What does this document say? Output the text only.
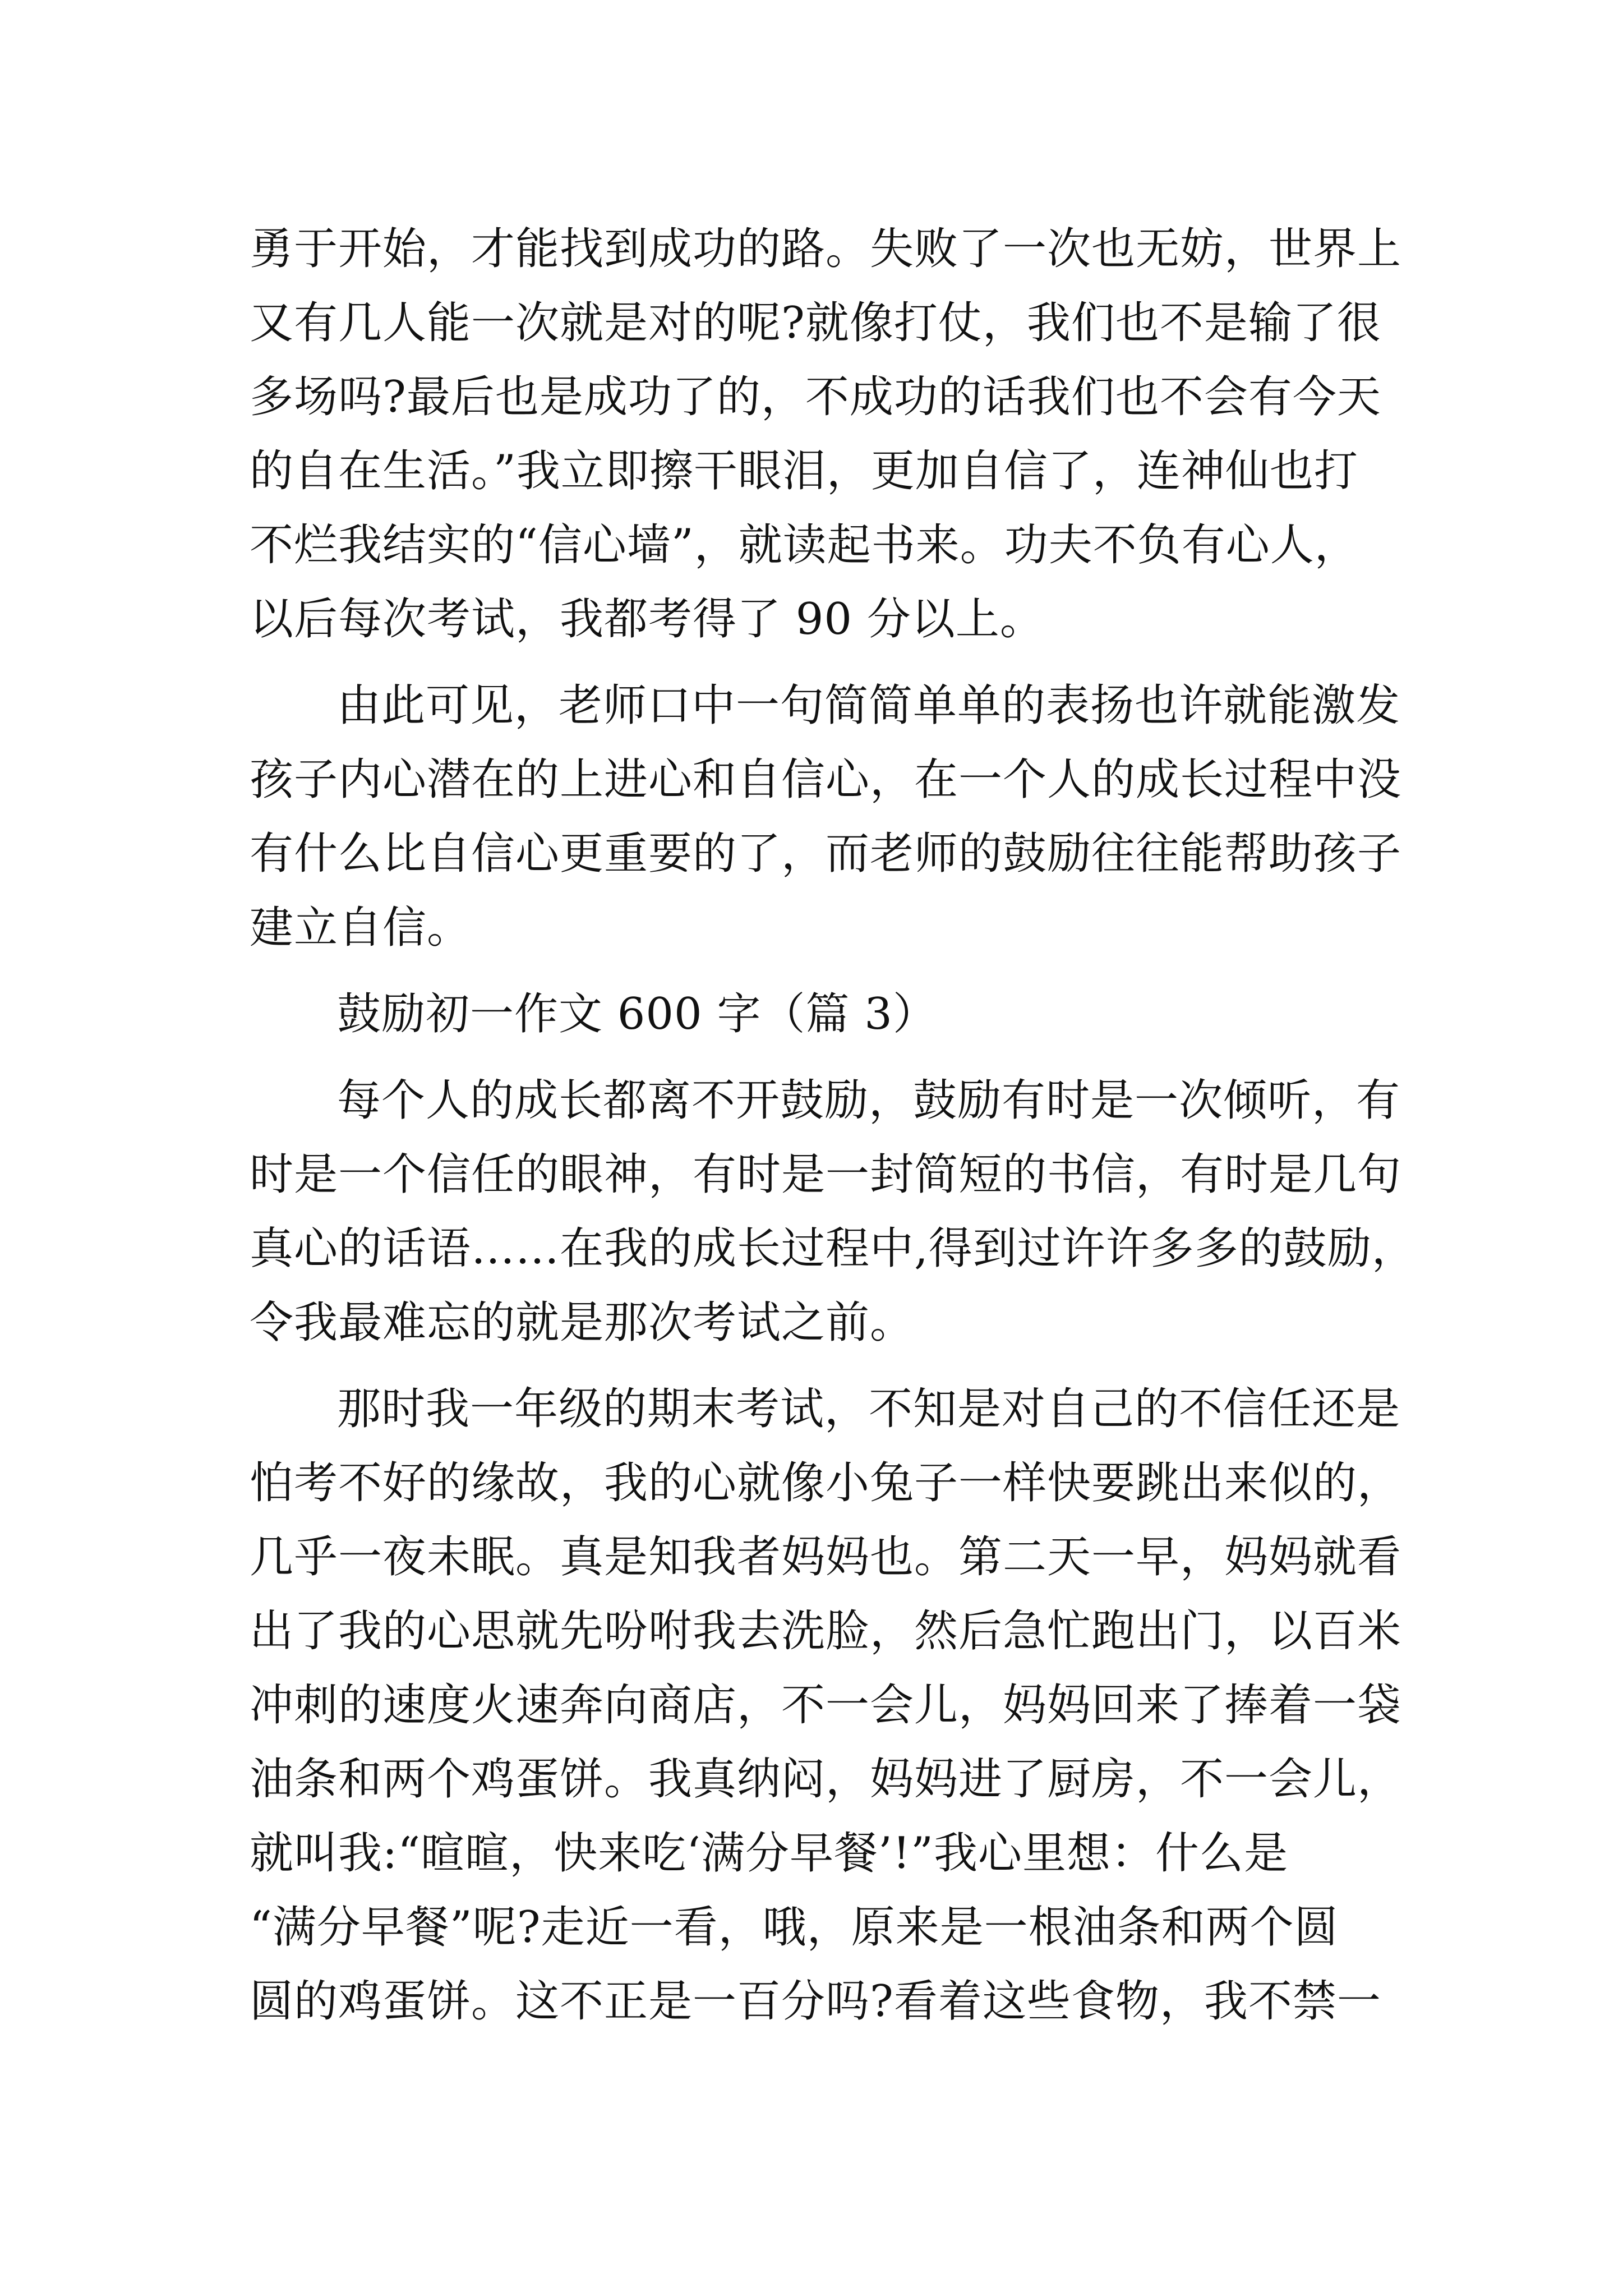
勇于开始，才能找到成功的路。失败了一次也无妨，世界上
又有几人能一次就是对的呢?就像打仗，我们也不是输了很
多场吗?最后也是成功了的，不成功的话我们也不会有今天
的自在生活。”我立即擦干眼泪，更加自信了，连神仙也打
不烂我结实的“信心墙”，就读起书来。功夫不负有心人，
以后每次考试，我都考得了 90 分以上。
由此可见，老师口中一句简简单单的表扬也许就能激发
孩子内心潜在的上进心和自信心，在一个人的成长过程中没
有什么比自信心更重要的了，而老师的鼓励往往能帮助孩子
建立自信。
鼓励初一作文 600 字（篇 3）
每个人的成长都离不开鼓励，鼓励有时是一次倾听，有
时是一个信任的眼神，有时是一封简短的书信，有时是几句
真心的话语……在我的成长过程中,得到过许许多多的鼓励，
令我最难忘的就是那次考试之前。
那时我一年级的期末考试，不知是对自己的不信任还是
怕考不好的缘故，我的心就像小兔子一样快要跳出来似的，
几乎一夜未眠。真是知我者妈妈也。第二天一早，妈妈就看
出了我的心思就先吩咐我去洗脸，然后急忙跑出门，以百米
冲刺的速度火速奔向商店，不一会儿，妈妈回来了捧着一袋
油条和两个鸡蛋饼。我真纳闷，妈妈进了厨房，不一会儿，
就叫我:“暄暄，快来吃‘满分早餐’!”我心里想：什么是
“满分早餐”呢?走近一看，哦，原来是一根油条和两个圆
圆的鸡蛋饼。这不正是一百分吗?看着这些食物，我不禁一
